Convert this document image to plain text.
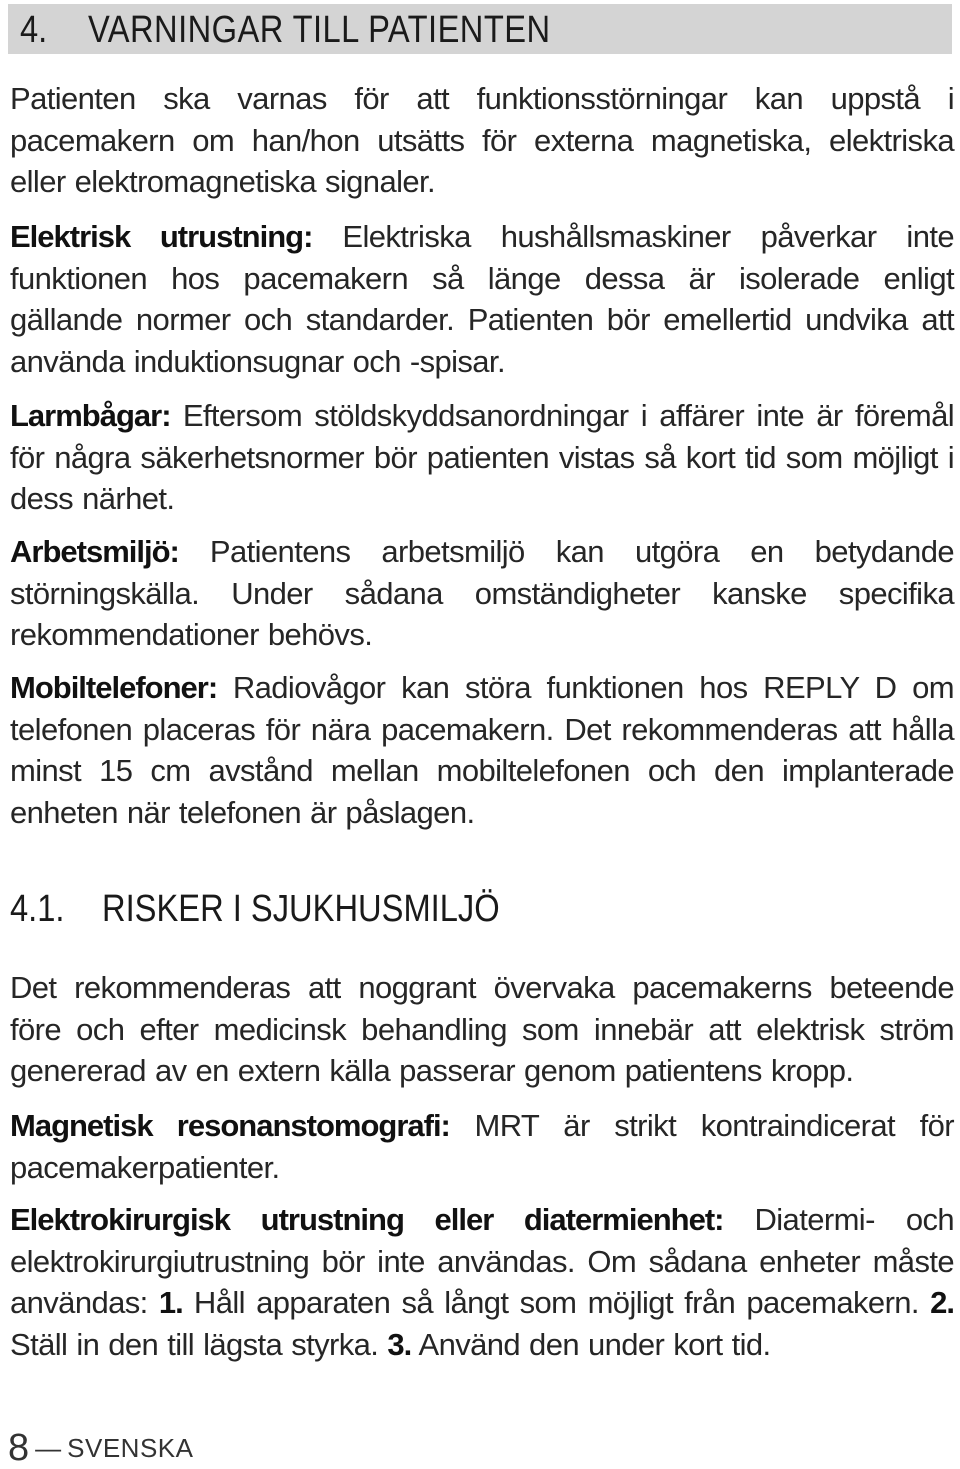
4. VARNINGAR TILL PATIENTEN

Patienten ska varnas för att funktionsstörningar kan uppstå i pacemakern om han/hon utsätts för externa magnetiska, elektriska eller elektromagnetiska signaler.

Elektrisk utrustning: Elektriska hushållsmaskiner påverkar inte funktionen hos pacemakern så länge dessa är isolerade enligt gällande normer och standarder. Patienten bör emellertid undvika att använda induktionsugnar och -spisar.

Larmbågar: Eftersom stöldskyddsanordningar i affärer inte är föremål för några säkerhetsnormer bör patienten vistas så kort tid som möjligt i dess närhet.

Arbetsmiljö: Patientens arbetsmiljö kan utgöra en betydande störningskälla. Under sådana omständigheter kanske specifika rekommendationer behövs.

Mobiltelefoner: Radiovågor kan störa funktionen hos REPLY D om telefonen placeras för nära pacemakern. Det rekommenderas att hålla minst 15 cm avstånd mellan mobiltelefonen och den implanterade enheten när telefonen är påslagen.

4.1. RISKER I SJUKHUSMILJÖ

Det rekommenderas att noggrant övervaka pacemakerns beteende före och efter medicinsk behandling som innebär att elektrisk ström genererad av en extern källa passerar genom patientens kropp.

Magnetisk resonanstomografi: MRT är strikt kontraindicerat för pacemakerpatienter.

Elektrokirurgisk utrustning eller diatermienhet: Diatermi- och elektrokirurgiutrustning bör inte användas. Om sådana enheter måste användas: 1. Håll apparaten så långt som möjligt från pacemakern. 2. Ställ in den till lägsta styrka. 3. Använd den under kort tid.

8 — SVENSKA
